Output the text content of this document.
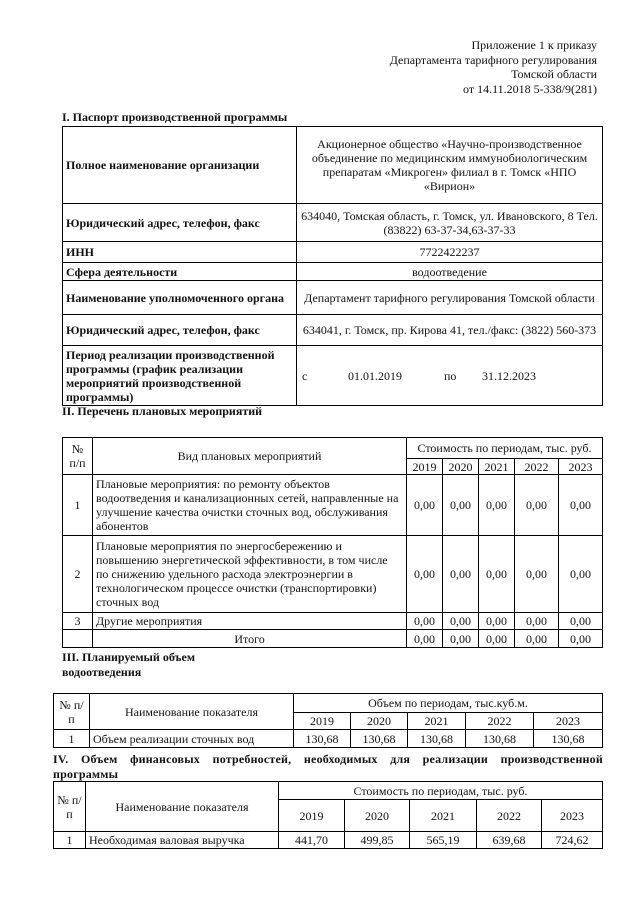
Приложение 1 к приказу
Департамента тарифного регулирования
Томской области
от 14.11.2018 5-338/9(281)
I. Паспорт производственной программы
Полное наименование организации	Акционерное общество «Научно-производственное объединение по медицинским иммунобиологическим препаратам «Микроген» филиал в г. Томск «НПО «Вирион»
Юридический адрес, телефон, факс	634040, Томская область, г. Томск, ул. Ивановского, 8 Тел. (83822) 63-37-34,63-37-33
ИНН	7722422237
Сфера деятельности	водоотведение
Наименование уполномоченного органа	Департамент тарифного регулирования Томской области
Юридический адрес, телефон, факс	634041, г. Томск, пр. Кирова 41, тел./факс: (3822) 560-373
Период реализации производственной программы (график реализации мероприятий производственной программы)	с 01.01.2019 по 31.12.2023
II. Перечень плановых мероприятий
№ п/п	Вид плановых мероприятий	Стоимость по периодам, тыс. руб.				
		2019	2020	2021	2022	2023
1	Плановые мероприятия: по ремонту объектов водоотведения и канализационных сетей, направленные на улучшение качества очистки сточных вод, обслуживания абонентов	0,00	0,00	0,00	0,00	0,00
2	Плановые мероприятия по энергосбережению и повышению энергетической эффективности, в том числе по снижению удельного расхода электроэнергии в технологическом процессе очистки (транспортировки) сточных вод	0,00	0,00	0,00	0,00	0,00
3	Другие мероприятия	0,00	0,00	0,00	0,00	0,00
	Итого	0,00	0,00	0,00	0,00	0,00
III. Планируемый объем
водоотведения
№ п/п	Наименование показателя	Объем по периодам, тыс.куб.м.				
		2019	2020	2021	2022	2023
1	Объем реализации сточных вод	130,68	130,68	130,68	130,68	130,68
IV. Объем финансовых потребностей, необходимых для реализации производственной программы
№ п/ п	Наименование показателя	Стоимость по периодам, тыс. руб.				
		2019	2020	2021	2022	2023
1	Необходимая валовая выручка	441,70	499,85	565,19	639,68	724,62
